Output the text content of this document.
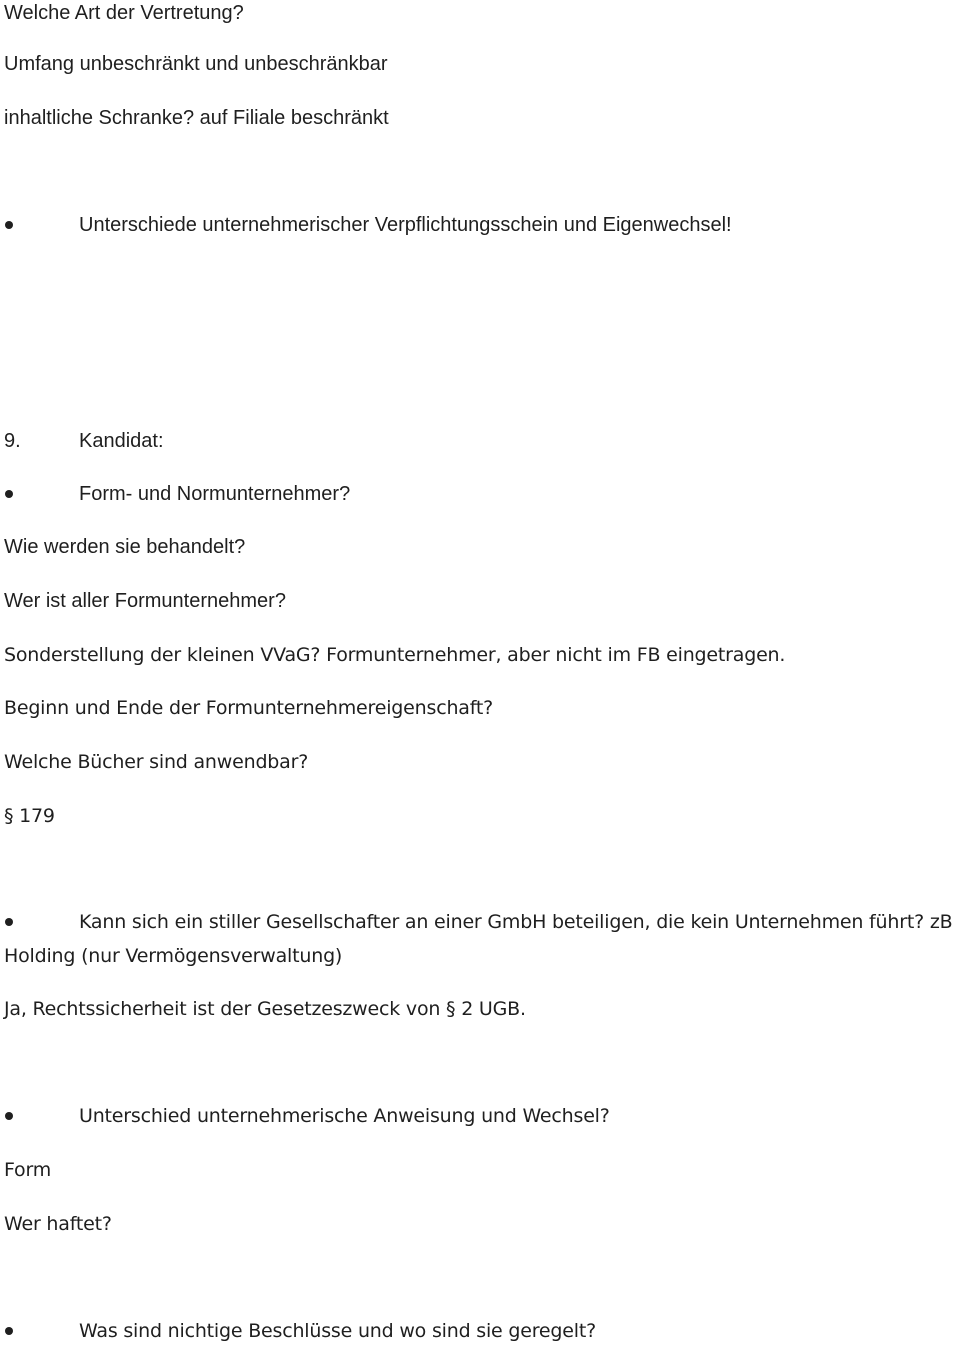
Welche Art der Vertretung?
Umfang unbeschränkt und unbeschränkbar
inhaltliche Schranke? auf Filiale beschränkt
Unterschiede unternehmerischer Verpflichtungsschein und Eigenwechsel!
9.	Kandidat:
Form- und Normunternehmer?
Wie werden sie behandelt?
Wer ist aller Formunternehmer?
Sonderstellung der kleinen VVaG? Formunternehmer, aber nicht im FB eingetragen.
Beginn und Ende der Formunternehmereigenschaft?
Welche Bücher sind anwendbar?
§ 179
Kann sich ein stiller Gesellschafter an einer GmbH beteiligen, die kein Unternehmen führt? zB
Holding (nur Vermögensverwaltung)
Ja, Rechtssicherheit ist der Gesetzeszweck von § 2 UGB.
Unterschied unternehmerische Anweisung und Wechsel?
Form
Wer haftet?
Was sind nichtige Beschlüsse und wo sind sie geregelt?
